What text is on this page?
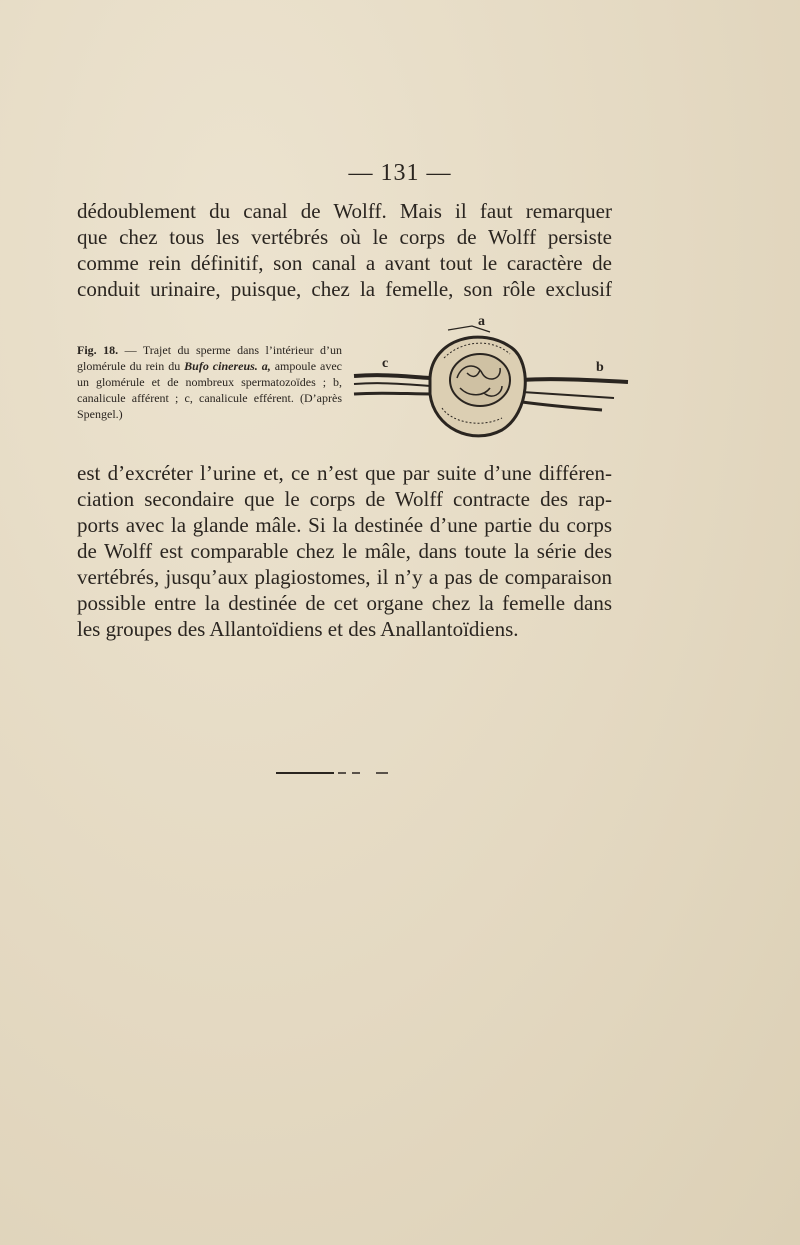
— 131 —

dédoublement du canal de Wolff. Mais il faut remarquer
que chez tous les vertébrés où le corps de Wolff persiste
comme rein définitif, son canal a avant tout le caractère de
conduit urinaire, puisque, chez la femelle, son rôle exclusif

Fig. 18. — Trajet du sperme dans l’intérieur d’un glomérule du rein du Bufo cinereus. a, ampoule avec un glomérule et de nombreux spermatozoïdes ; b, canalicule afférent ; c, canalicule efférent. (D’après Spengel.)
a
b
c

est d’excréter l’urine et, ce n’est que par suite d’une différen-
ciation secondaire que le corps de Wolff contracte des rap-
ports avec la glande mâle. Si la destinée d’une partie du corps
de Wolff est comparable chez le mâle, dans toute la série des
vertébrés, jusqu’aux plagiostomes, il n’y a pas de comparaison
possible entre la destinée de cet organe chez la femelle dans
les groupes des Allantoïdiens et des Anallantoïdiens.
